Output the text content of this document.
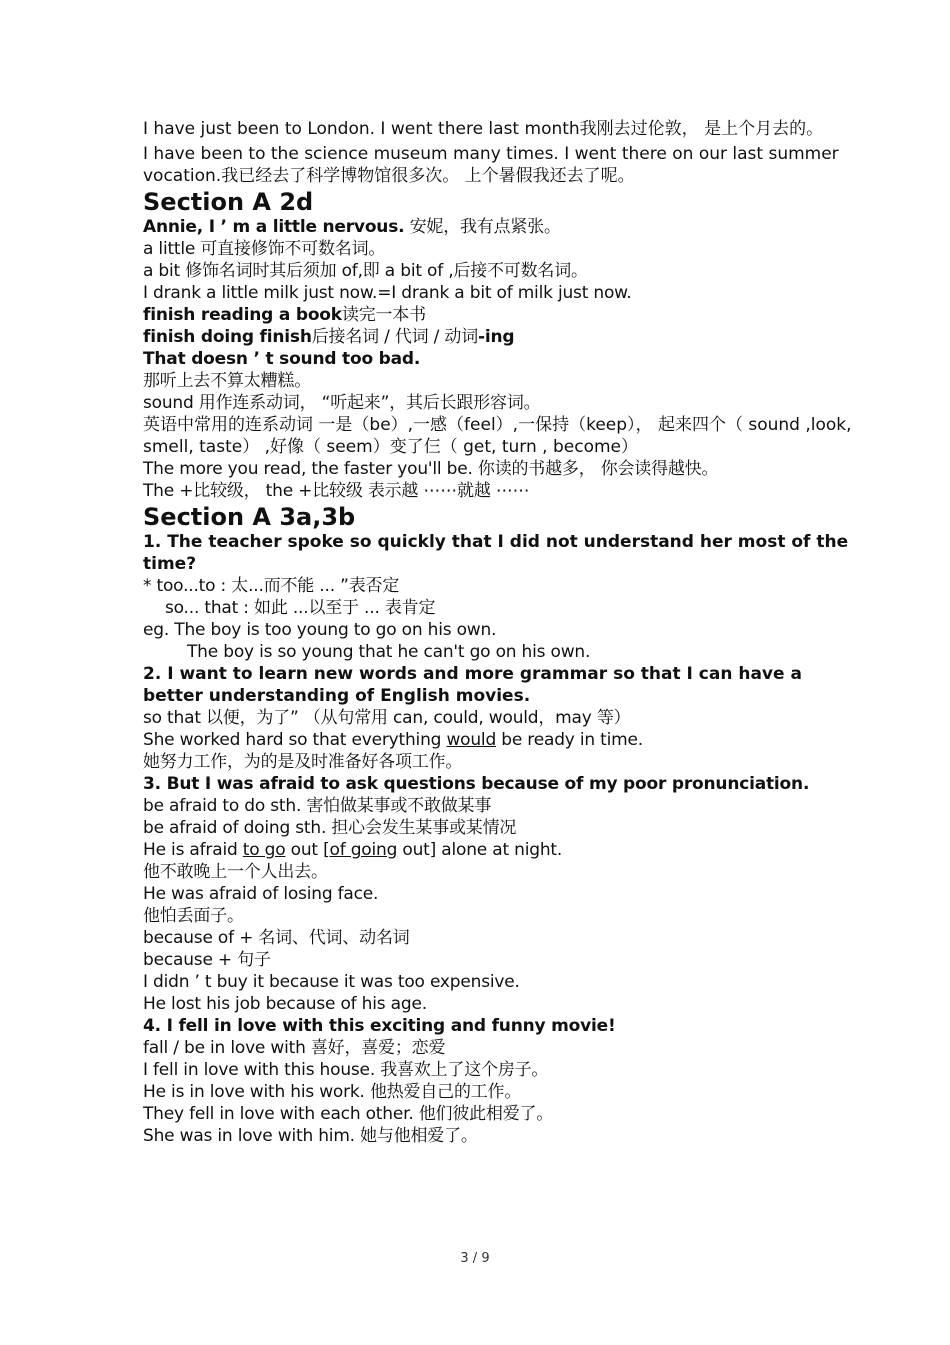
I have just been to London. I went there last month我刚去过伦敦， 是上个月去的。
I have been to the science museum many times. I went there on our last summer vocation.我已经去了科学博物馆很多次。 上个暑假我还去了呢。
Section A 2d
Annie, I ’ m a little nervous. 安妮，我有点紧张。
a little 可直接修饰不可数名词。
a bit 修饰名词时其后须加 of,即 a bit of ,后接不可数名词。
I drank a little milk just now.=I drank a bit of milk just now.
finish reading a book读完一本书
finish doing finish后接名词 / 代词 / 动词-ing
That doesn ’ t sound too bad.
那听上去不算太糟糕。
sound 用作连系动词， “听起来”，其后长跟形容词。
英语中常用的连系动词 一是（be）,一感（feel）,一保持（keep）， 起来四个（ sound ,look, smell, taste） ,好像（ seem）变了仨（ get, turn , become）
The more you read, the faster you'll be. 你读的书越多， 你会读得越快。
The +比较级， the +比较级 表示越 ⋯⋯就越 ⋯⋯
Section A 3a,3b
1. The teacher spoke so quickly that I did not understand her most of the time?
* too...to : 太...而不能 ... ”表否定
so... that : 如此 ...以至于 ... 表肯定
eg. The boy is too young to go on his own.
The boy is so young that he can't go on his own.
2. I want to learn new words and more grammar so that I can have a better understanding of English movies.
so that 以便，为了” （从句常用 can, could, would，may 等）
She worked hard so that everything would be ready in time.
她努力工作，为的是及时准备好各项工作。
3. But I was afraid to ask questions because of my poor pronunciation.
be afraid to do sth. 害怕做某事或不敢做某事
be afraid of doing sth. 担心会发生某事或某情况
He is afraid to go out [of going out] alone at night.
他不敢晚上一个人出去。
He was afraid of losing face.
他怕丢面子。
because of + 名词、代词、动名词
because + 句子
I didn ’ t buy it because it was too expensive.
He lost his job because of his age.
4. I fell in love with this exciting and funny movie!
fall / be in love with 喜好，喜爱；恋爱
I fell in love with this house. 我喜欢上了这个房子。
He is in love with his work. 他热爱自己的工作。
They fell in love with each other. 他们彼此相爱了。
She was in love with him. 她与他相爱了。
3 / 9
